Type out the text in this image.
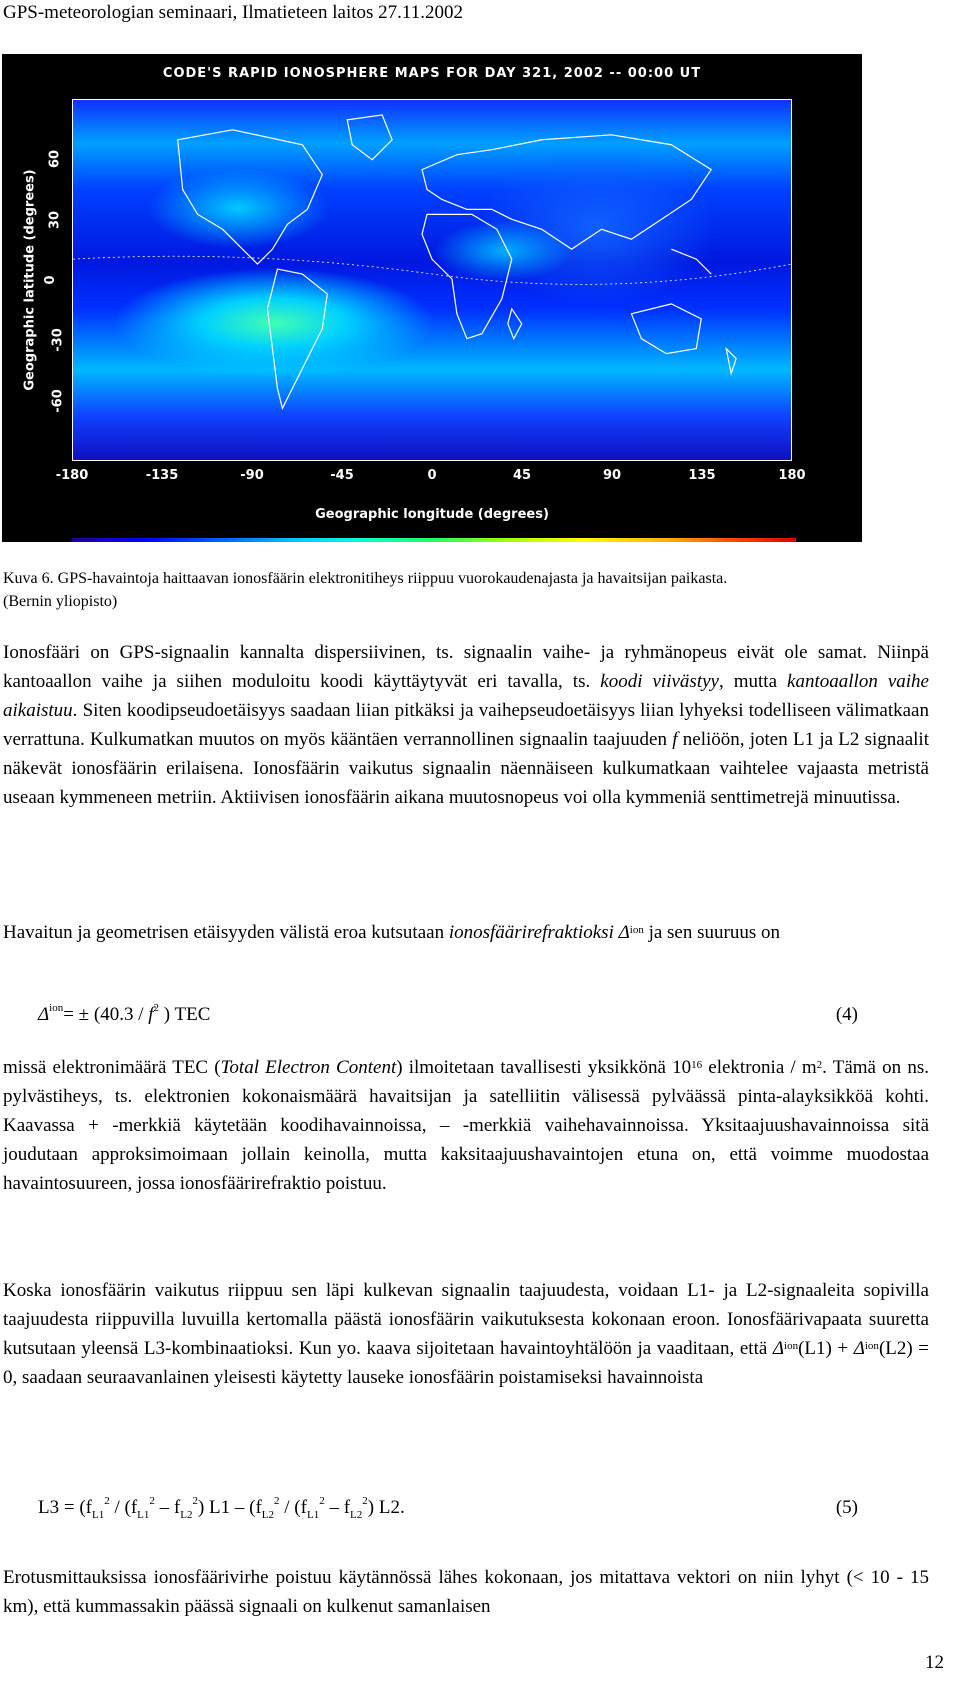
GPS-meteorologian seminaari, Ilmatieteen laitos 27.11.2002
CODE'S RAPID IONOSPHERE MAPS FOR DAY 321, 2002 -- 00:00 UT
Geographic latitude (degrees)
-60
-30
0
30
60
-180	-135	-90	-45	0	45	90	135	180
Geographic longitude (degrees)
Kuva 6. GPS-havaintoja haittaavan ionosfäärin elektronitiheys riippuu vuorokaudenajasta ja havaitsijan paikasta.
(Bernin yliopisto)
Ionosfääri on GPS-signaalin kannalta dispersiivinen, ts. signaalin vaihe- ja ryhmänopeus eivät ole samat. Niinpä kantoaallon vaihe ja siihen moduloitu koodi käyttäytyvät eri tavalla, ts. koodi viivästyy, mutta kantoaallon vaihe aikaistuu. Siten koodipseudoetäisyys saadaan liian pitkäksi ja vaihepseudoetäisyys liian lyhyeksi todelliseen välimatkaan verrattuna. Kulkumatkan muutos on myös kääntäen verrannollinen signaalin taajuuden f neliöön, joten L1 ja L2 signaalit näkevät ionosfäärin erilaisena. Ionosfäärin vaikutus signaalin näennäiseen kulkumatkaan vaihtelee vajaasta metristä useaan kymmeneen metriin. Aktiivisen ionosfäärin aikana muutosnopeus voi olla kymmeniä senttimetrejä minuutissa.
Havaitun ja geometrisen etäisyyden välistä eroa kutsutaan ionosfäärirefraktioksi $\Delta^{ion}$ ja sen suuruus on
$\Delta^{ion}= \pm (40.3 / f^2$ ) TEC	(4)
missä elektronimäärä TEC (Total Electron Content) ilmoitetaan tavallisesti yksikkönä $10^{16}$ elektronia / $m^2$. Tämä on ns. pylvästiheys, ts. elektronien kokonaismäärä havaitsijan ja satelliitin välisessä pylväässä pinta-alayksikköä kohti. Kaavassa + -merkkiä käytetään koodihavainnoissa, – -merkkiä vaihehavainnoissa. Yksitaajuushavainnoissa sitä joudutaan approksimoimaan jollain keinolla, mutta kaksitaajuushavaintojen etuna on, että voimme muodostaa havaintosuureen, jossa ionosfäärirefraktio poistuu.
Koska ionosfäärin vaikutus riippuu sen läpi kulkevan signaalin taajuudesta, voidaan L1- ja L2-signaaleita sopivilla taajuudesta riippuvilla luvuilla kertomalla päästä ionosfäärin vaikutuksesta kokonaan eroon. Ionosfäärivapaata suuretta kutsutaan yleensä L3-kombinaatioksi. Kun yo. kaava sijoitetaan havaintoyhtälöön ja vaaditaan, että $\Delta^{ion}(L1) + \Delta^{ion}(L2) = 0$, saadaan seuraavanlainen yleisesti käytetty lauseke ionosfäärin poistamiseksi havainnoista
$L3 = (f_{L1}^2 / (f_{L1}^2 - f_{L2}^2)$ $L1 - (f_{L2}^2 / (f_{L1}^2 - f_{L2}^2)$ L2.	(5)
Erotusmittauksissa ionosfäärivirhe poistuu käytännössä lähes kokonaan, jos mitattava vektori on niin lyhyt (< 10 - 15 km), että kummassakin päässä signaali on kulkenut samanlaisen
12
